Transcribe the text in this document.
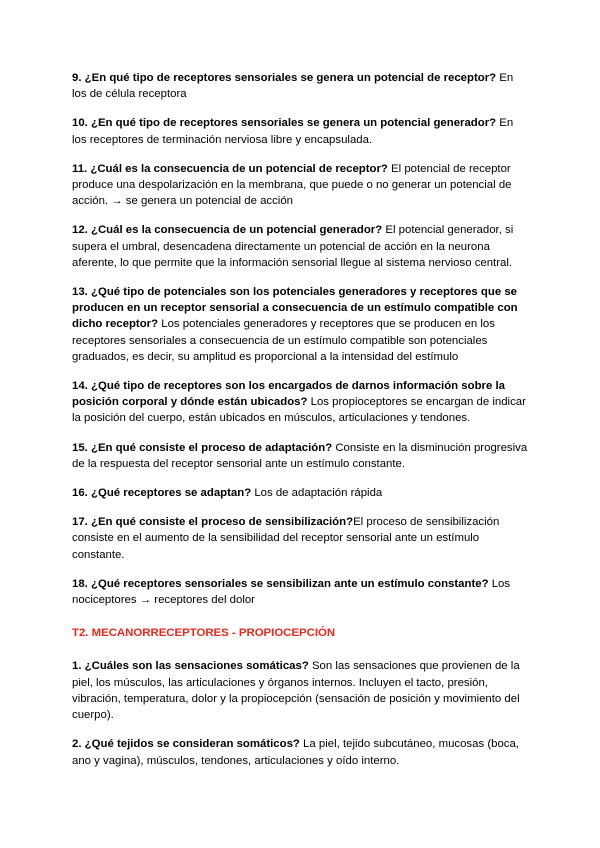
9. ¿En qué tipo de receptores sensoriales se genera un potencial de receptor? En los de célula receptora

10. ¿En qué tipo de receptores sensoriales se genera un potencial generador? En los receptores de terminación nerviosa libre y encapsulada.

11. ¿Cuál es la consecuencia de un potencial de receptor? El potencial de receptor produce una despolarización en la membrana, que puede o no generar un potencial de acción. → se genera un potencial de acción

12. ¿Cuál es la consecuencia de un potencial generador? El potencial generador, si supera el umbral, desencadena directamente un potencial de acción en la neurona aferente, lo que permite que la información sensorial llegue al sistema nervioso central.

13. ¿Qué tipo de potenciales son los potenciales generadores y receptores que se producen en un receptor sensorial a consecuencia de un estímulo compatible con dicho receptor? Los potenciales generadores y receptores que se producen en los receptores sensoriales a consecuencia de un estímulo compatible son potenciales graduados, es decir, su amplitud es proporcional a la intensidad del estímulo

14. ¿Qué tipo de receptores son los encargados de darnos información sobre la posición corporal y dónde están ubicados? Los propioceptores se encargan de indicar la posición del cuerpo, están ubicados en músculos, articulaciones y tendones.

15. ¿En qué consiste el proceso de adaptación? Consiste en la disminución progresiva de la respuesta del receptor sensorial ante un estímulo constante.

16. ¿Qué receptores se adaptan? Los de adaptación rápida

17. ¿En qué consiste el proceso de sensibilización?El proceso de sensibilización consiste en el aumento de la sensibilidad del receptor sensorial ante un estímulo constante.

18. ¿Qué receptores sensoriales se sensibilizan ante un estímulo constante? Los nociceptores → receptores del dolor

T2. MECANORRECEPTORES - PROPIOCEPCIÓN

1. ¿Cuáles son las sensaciones somáticas? Son las sensaciones que provienen de la piel, los músculos, las articulaciones y órganos internos. Incluyen el tacto, presión, vibración, temperatura, dolor y la propiocepción (sensación de posición y movimiento del cuerpo).

2. ¿Qué tejidos se consideran somáticos? La piel, tejido subcutáneo, mucosas (boca, ano y vagina), músculos, tendones, articulaciones y oído interno.
